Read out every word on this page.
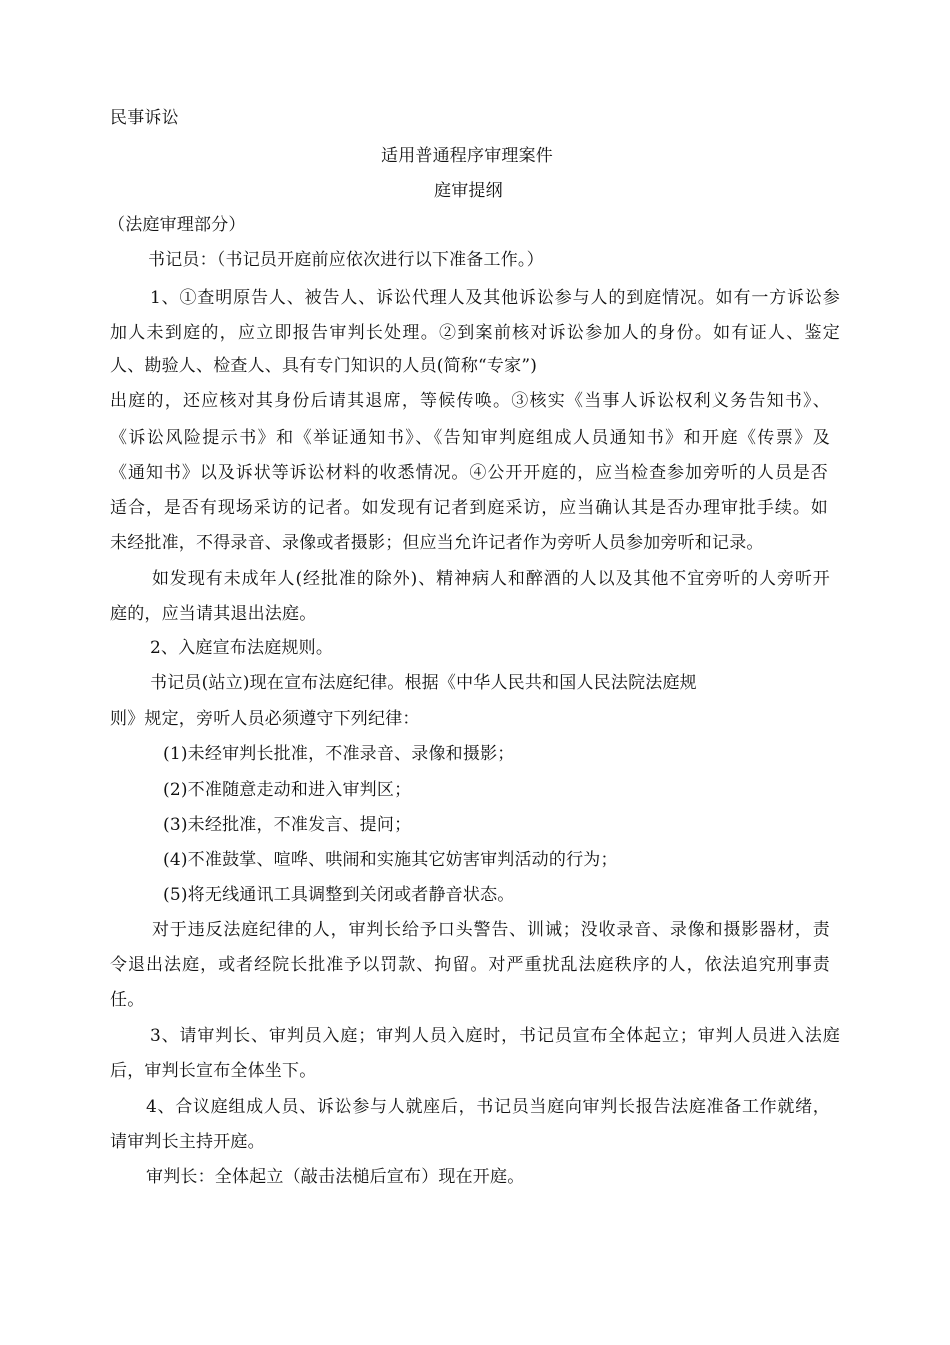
民事诉讼
适用普通程序审理案件
庭审提纲
（法庭审理部分）
书记员：（书记员开庭前应依次进行以下准备工作。）
1、①查明原告人、被告人、诉讼代理人及其他诉讼参与人的到庭情况。如有一方诉讼参
加人未到庭的，应立即报告审判长处理。②到案前核对诉讼参加人的身份。如有证人、鉴定
人、勘验人、检查人、具有专门知识的人员(简称“专家”)
出庭的，还应核对其身份后请其退席，等候传唤。③核实《当事人诉讼权利义务告知书》、
《诉讼风险提示书》和《举证通知书》、《告知审判庭组成人员通知书》和开庭《传票》及
《通知书》以及诉状等诉讼材料的收悉情况。④公开开庭的，应当检查参加旁听的人员是否
适合，是否有现场采访的记者。如发现有记者到庭采访，应当确认其是否办理审批手续。如
未经批准，不得录音、录像或者摄影；但应当允许记者作为旁听人员参加旁听和记录。
如发现有未成年人(经批准的除外)、精神病人和醉酒的人以及其他不宜旁听的人旁听开
庭的，应当请其退出法庭。
2、入庭宣布法庭规则。
书记员(站立)现在宣布法庭纪律。根据《中华人民共和国人民法院法庭规
则》规定，旁听人员必须遵守下列纪律：
(1)未经审判长批准，不准录音、录像和摄影；
(2)不准随意走动和进入审判区；
(3)未经批准，不准发言、提问；
(4)不准鼓掌、喧哗、哄闹和实施其它妨害审判活动的行为；
(5)将无线通讯工具调整到关闭或者静音状态。
对于违反法庭纪律的人，审判长给予口头警告、训诫；没收录音、录像和摄影器材，责
令退出法庭，或者经院长批准予以罚款、拘留。对严重扰乱法庭秩序的人，依法追究刑事责
任。
3、请审判长、审判员入庭；审判人员入庭时，书记员宣布全体起立；审判人员进入法庭
后，审判长宣布全体坐下。
4、合议庭组成人员、诉讼参与人就座后，书记员当庭向审判长报告法庭准备工作就绪，
请审判长主持开庭。
审判长：全体起立（敲击法槌后宣布）现在开庭。
